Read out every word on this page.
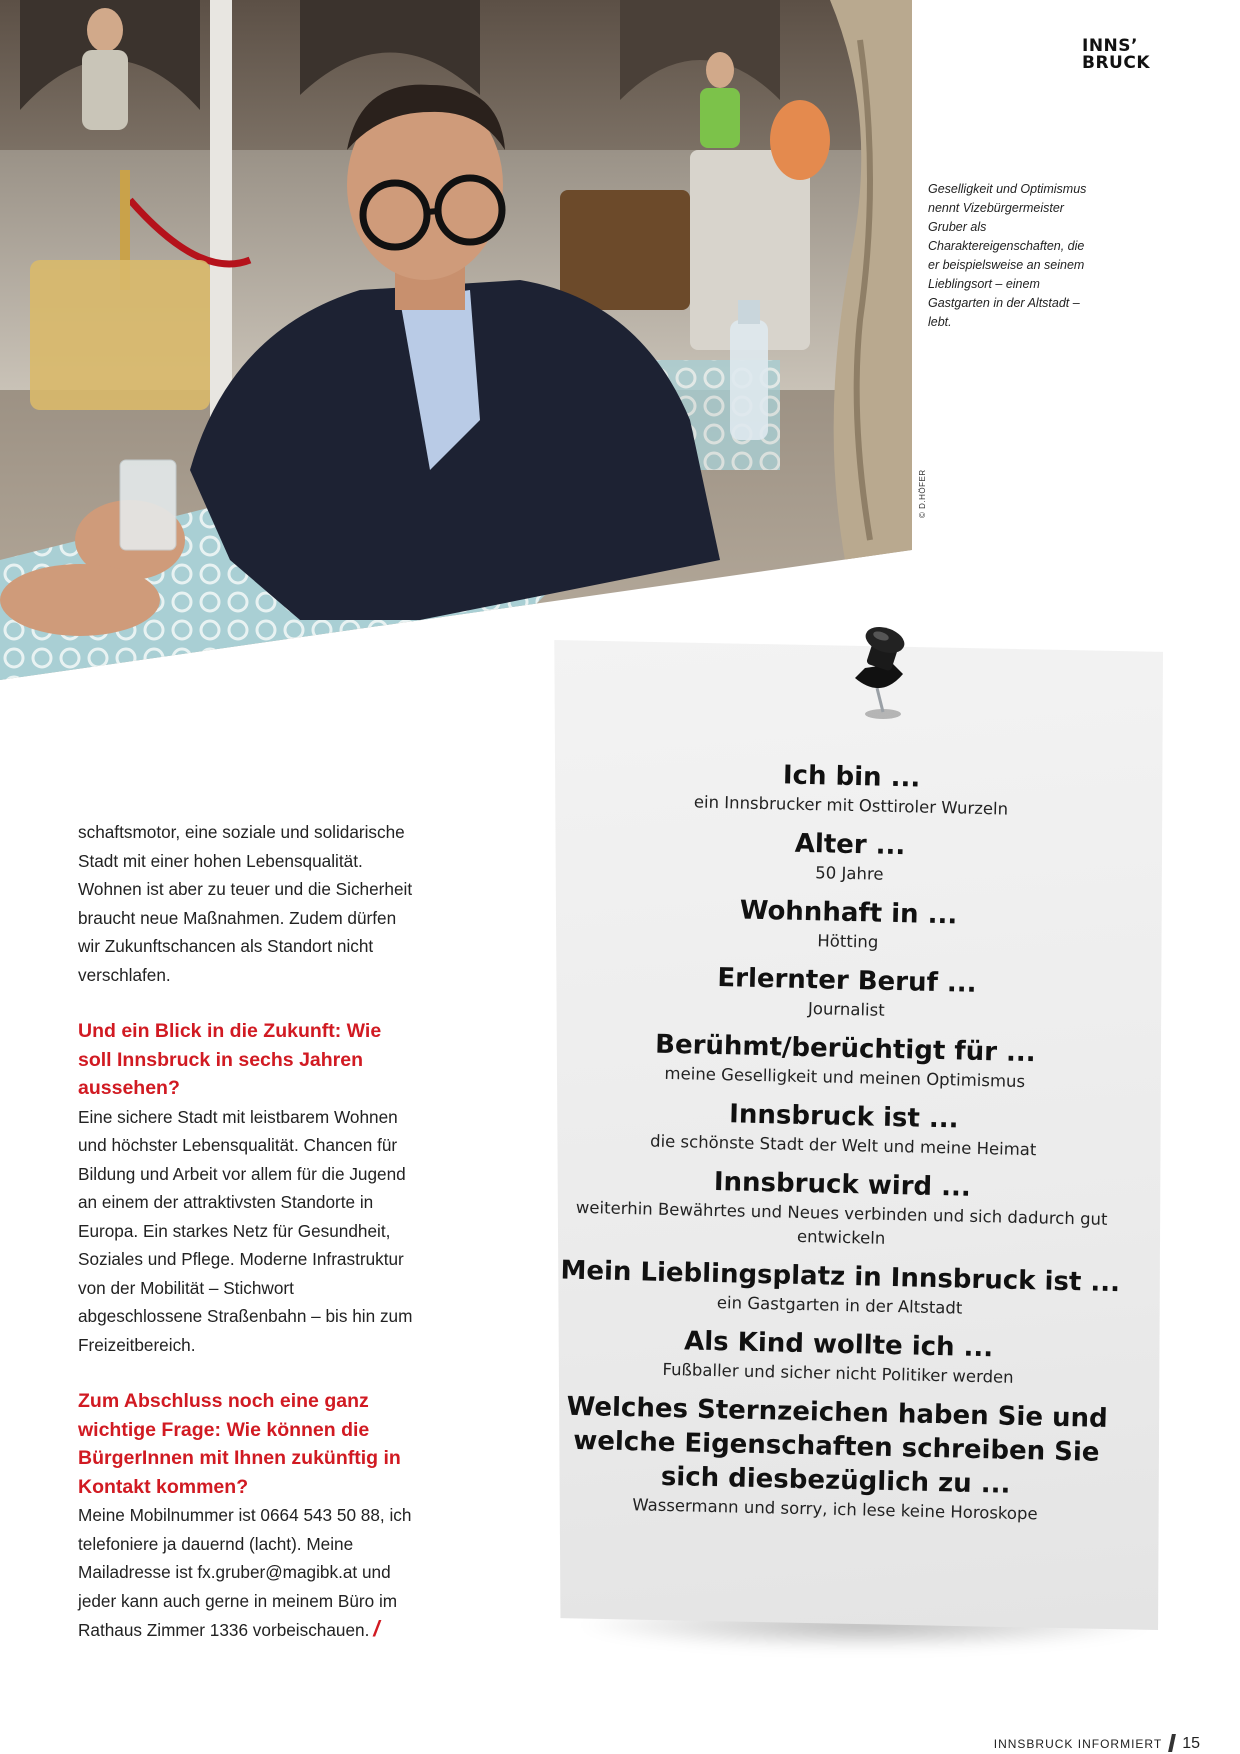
© D.HÖFER
INNS’
BRUCK

Geselligkeit und Optimismus nennt Vizebürgermeister Gruber als Charaktereigenschaften, die er beispielsweise an seinem Lieblingsort – einem Gastgarten in der Altstadt – lebt.

schaftsmotor, eine soziale und solidarische Stadt mit einer hohen Lebensqualität. Wohnen ist aber zu teuer und die Sicherheit braucht neue Maßnahmen. Zudem dürfen wir Zukunftschancen als Standort nicht verschlafen.

Und ein Blick in die Zukunft: Wie soll Innsbruck in sechs Jahren aussehen?

Eine sichere Stadt mit leistbarem Wohnen und höchster Lebensqualität. Chancen für Bildung und Arbeit vor allem für die Jugend an einem der attraktivsten Standorte in Europa. Ein starkes Netz für Gesundheit, Soziales und Pflege. Moderne Infrastruktur von der Mobilität – Stichwort abgeschlossene Straßenbahn – bis hin zum Freizeitbereich.

Zum Abschluss noch eine ganz wichtige Frage: Wie können die BürgerInnen mit Ihnen zukünftig in Kontakt kommen?

Meine Mobilnummer ist 0664 543 50 88, ich telefoniere ja dauernd (lacht). Meine Mailadresse ist fx.gruber@magibk.at und jeder kann auch gerne in meinem Büro im Rathaus Zimmer 1336 vorbeischauen. /

Ich bin ...
ein Innsbrucker mit Osttiroler Wurzeln
Alter ...
50 Jahre
Wohnhaft in ...
Hötting
Erlernter Beruf ...
Journalist
Berühmt/berüchtigt für ...
meine Geselligkeit und meinen Optimismus
Innsbruck ist ...
die schönste Stadt der Welt und meine Heimat
Innsbruck wird ...
weiterhin Bewährtes und Neues verbinden und sich dadurch gut entwickeln
Mein Lieblingsplatz in Innsbruck ist ...
ein Gastgarten in der Altstadt
Als Kind wollte ich ...
Fußballer und sicher nicht Politiker werden
Welches Sternzeichen haben Sie und welche Eigenschaften schreiben Sie sich diesbezüglich zu ...
Wassermann und sorry, ich lese keine Horoskope
INNSBRUCK INFORMIERT 15
